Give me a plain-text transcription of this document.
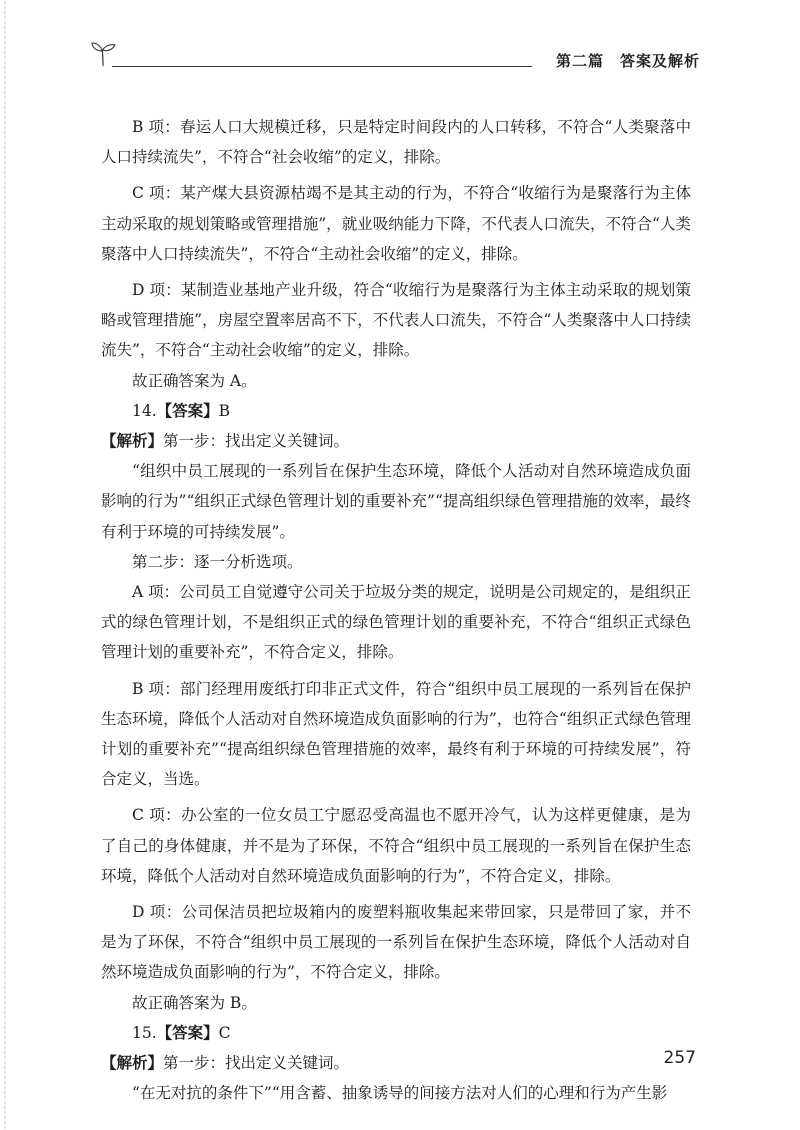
第二篇　答案及解析

B 项：春运人口大规模迁移，只是特定时间段内的人口转移，不符合“人类聚落中人口持续流失”，不符合“社会收缩”的定义，排除。

C 项：某产煤大县资源枯竭不是其主动的行为，不符合“收缩行为是聚落行为主体主动采取的规划策略或管理措施”，就业吸纳能力下降，不代表人口流失，不符合“人类聚落中人口持续流失”，不符合“主动社会收缩”的定义，排除。

D 项：某制造业基地产业升级，符合“收缩行为是聚落行为主体主动采取的规划策略或管理措施”，房屋空置率居高不下，不代表人口流失，不符合“人类聚落中人口持续流失”，不符合“主动社会收缩”的定义，排除。

故正确答案为 A。

14.【答案】B

【解析】第一步：找出定义关键词。

“组织中员工展现的一系列旨在保护生态环境，降低个人活动对自然环境造成负面影响的行为”“组织正式绿色管理计划的重要补充”“提高组织绿色管理措施的效率，最终有利于环境的可持续发展”。

第二步：逐一分析选项。

A 项：公司员工自觉遵守公司关于垃圾分类的规定，说明是公司规定的，是组织正式的绿色管理计划，不是组织正式的绿色管理计划的重要补充，不符合“组织正式绿色管理计划的重要补充”，不符合定义，排除。

B 项：部门经理用废纸打印非正式文件，符合“组织中员工展现的一系列旨在保护生态环境，降低个人活动对自然环境造成负面影响的行为”，也符合“组织正式绿色管理计划的重要补充”“提高组织绿色管理措施的效率，最终有利于环境的可持续发展”，符合定义，当选。

C 项：办公室的一位女员工宁愿忍受高温也不愿开冷气，认为这样更健康，是为了自己的身体健康，并不是为了环保，不符合“组织中员工展现的一系列旨在保护生态环境，降低个人活动对自然环境造成负面影响的行为”，不符合定义，排除。

D 项：公司保洁员把垃圾箱内的废塑料瓶收集起来带回家，只是带回了家，并不是为了环保，不符合“组织中员工展现的一系列旨在保护生态环境，降低个人活动对自然环境造成负面影响的行为”，不符合定义，排除。

故正确答案为 B。

15.【答案】C

【解析】第一步：找出定义关键词。

“在无对抗的条件下”“用含蓄、抽象诱导的间接方法对人们的心理和行为产生影

257
